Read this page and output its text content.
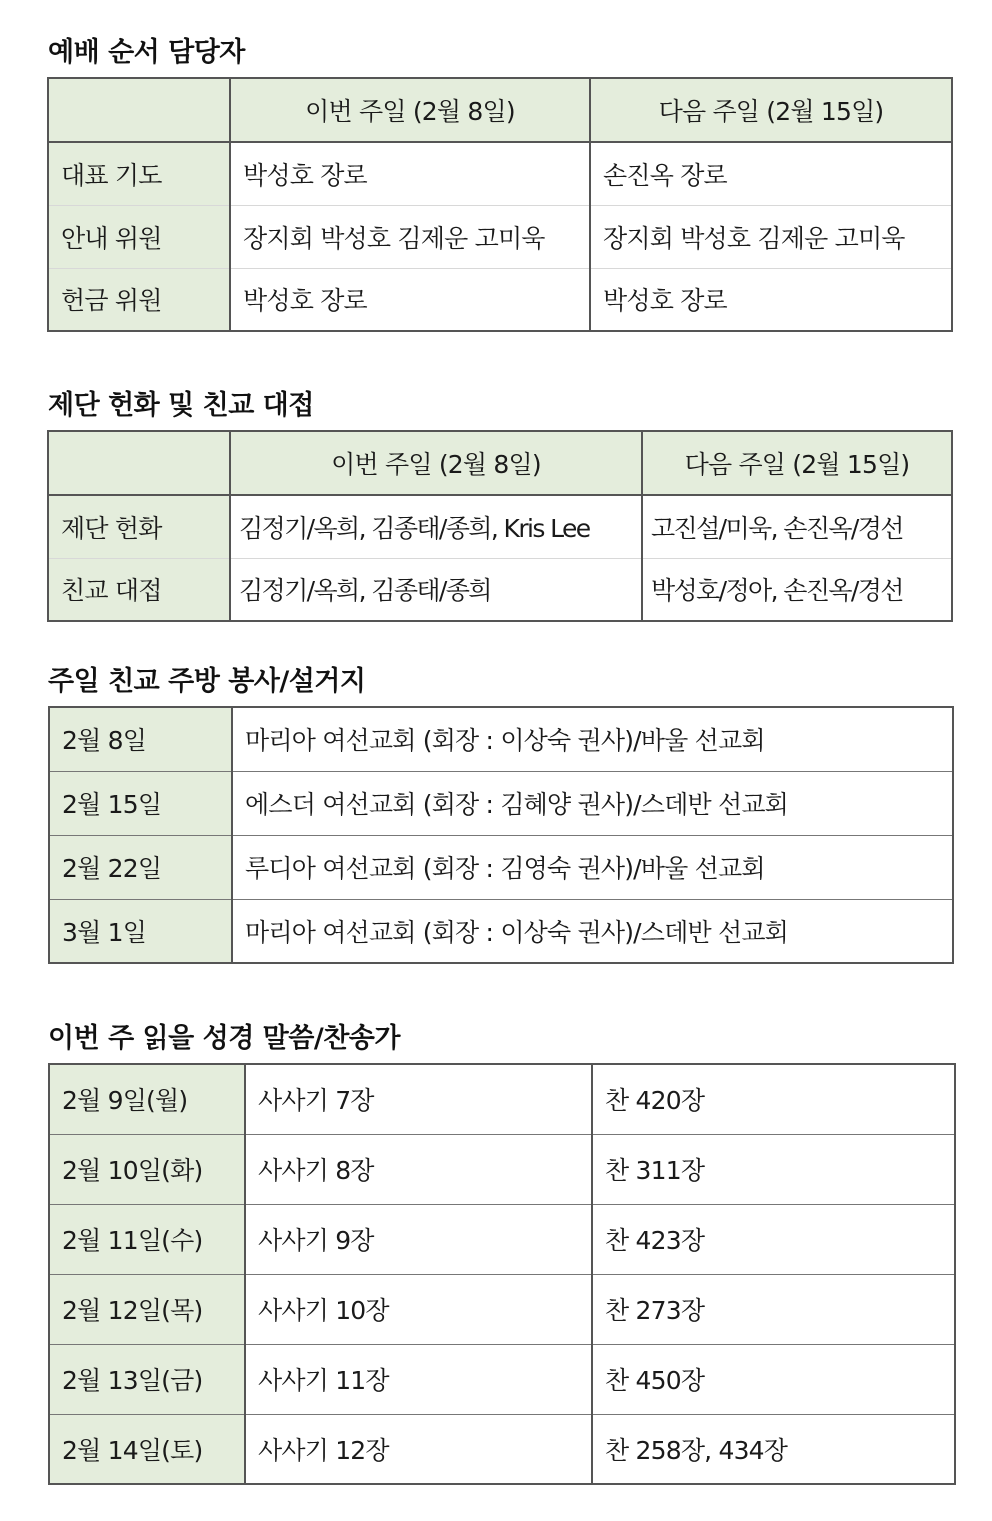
예배 순서 담당자
	이번 주일 (2월 8일)	다음 주일 (2월 15일)
대표 기도	박성호 장로	손진옥 장로
안내 위원	장지회 박성호 김제운 고미욱	장지회 박성호 김제운 고미욱
헌금 위원	박성호 장로	박성호 장로
제단 헌화 및 친교 대접
	이번 주일 (2월 8일)	다음 주일 (2월 15일)
제단 헌화	김정기/옥희, 김종태/종희, Kris Lee	고진설/미욱, 손진옥/경선
친교 대접	김정기/옥희, 김종태/종희	박성호/정아, 손진옥/경선
주일 친교 주방 봉사/설거지
2월 8일	마리아 여선교회 (회장 : 이상숙 권사)/바울 선교회
2월 15일	에스더 여선교회 (회장 : 김혜양 권사)/스데반 선교회
2월 22일	루디아 여선교회 (회장 : 김영숙 권사)/바울 선교회
3월 1일	마리아 여선교회 (회장 : 이상숙 권사)/스데반 선교회
이번 주 읽을 성경 말씀/찬송가
2월 9일(월)	사사기 7장	찬 420장
2월 10일(화)	사사기 8장	찬 311장
2월 11일(수)	사사기 9장	찬 423장
2월 12일(목)	사사기 10장	찬 273장
2월 13일(금)	사사기 11장	찬 450장
2월 14일(토)	사사기 12장	찬 258장, 434장
